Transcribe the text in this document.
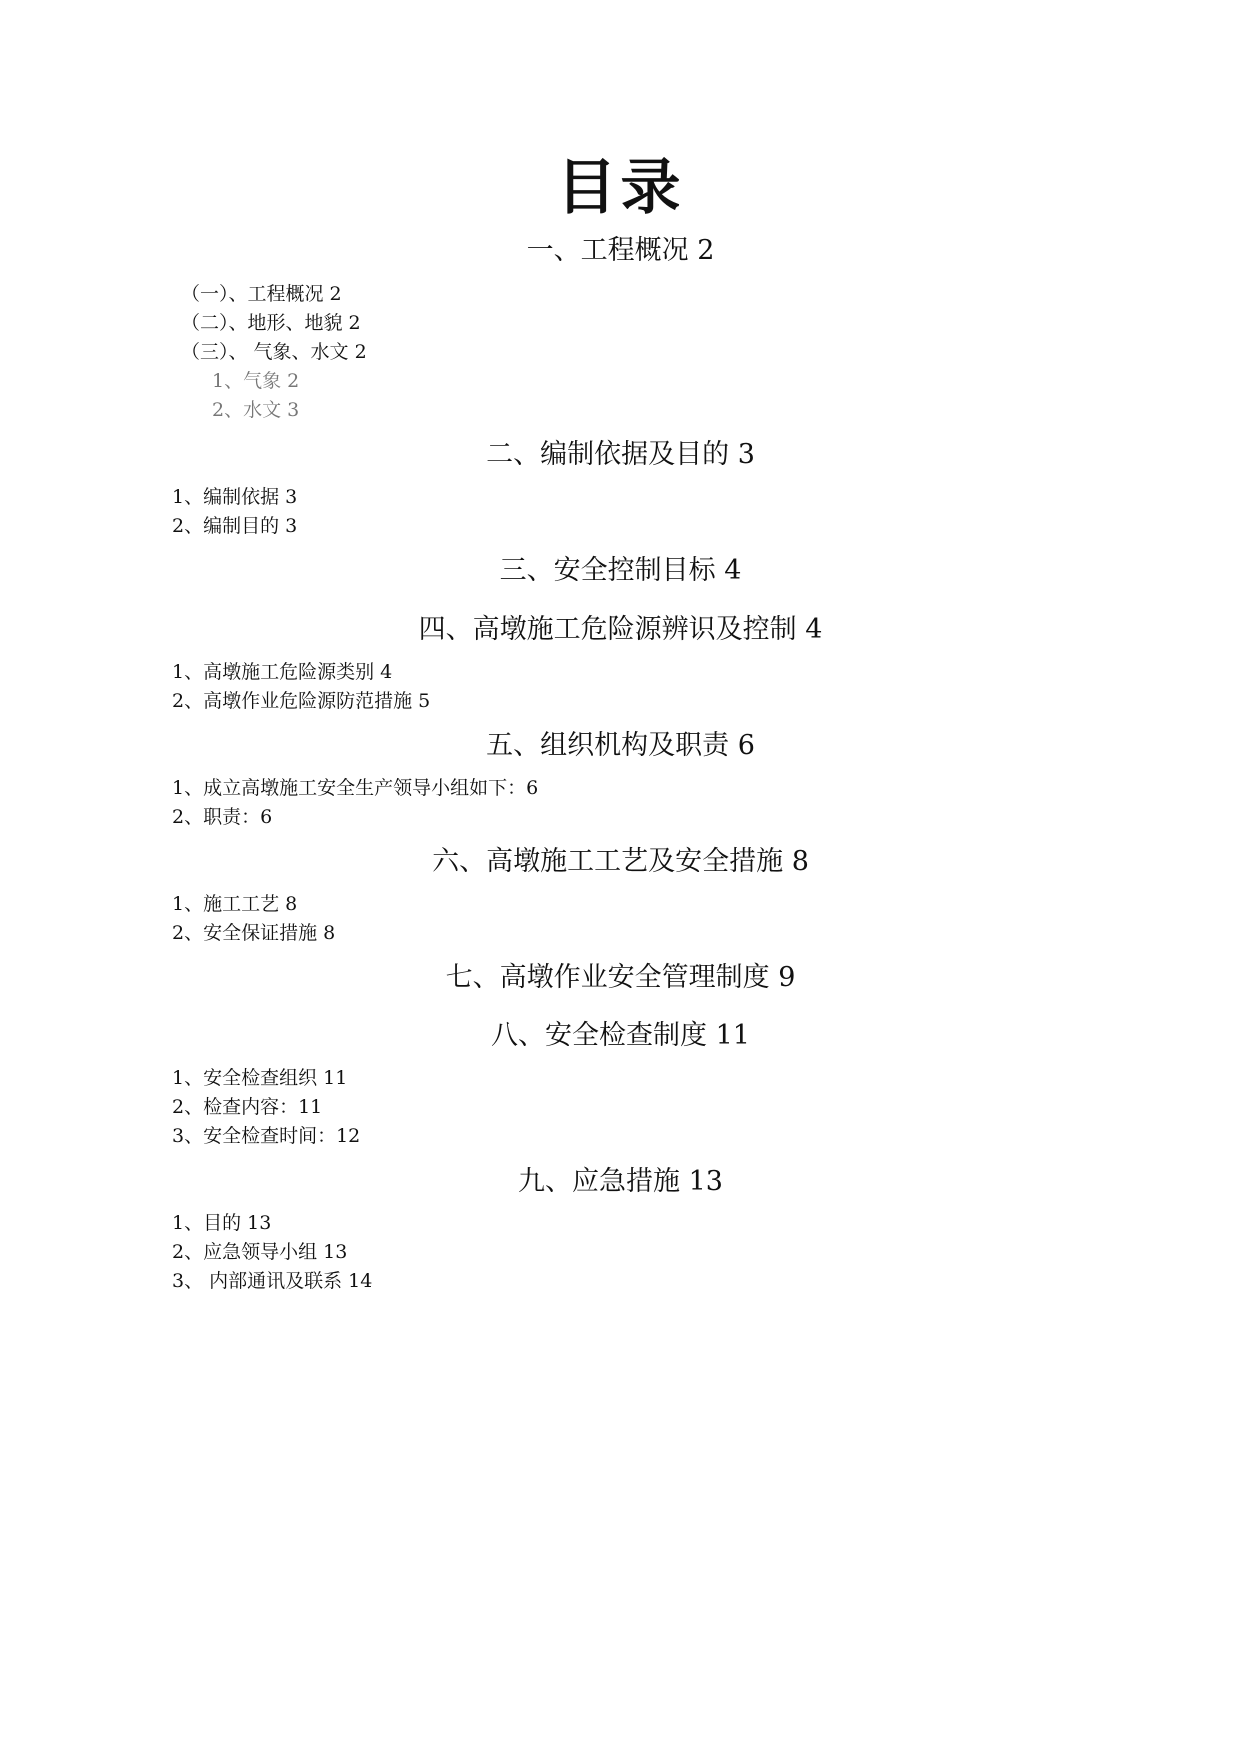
目录
一、工程概况 2
（一）、工程概况 2
（二）、地形、地貌 2
（三）、 气象、水文 2
1、气象 2
2、水文 3
二、编制依据及目的 3
1、编制依据 3
2、编制目的 3
三、安全控制目标 4
四、高墩施工危险源辨识及控制 4
1、高墩施工危险源类别 4
2、高墩作业危险源防范措施 5
五、组织机构及职责 6
1、成立高墩施工安全生产领导小组如下：6
2、职责：6
六、高墩施工工艺及安全措施 8
1、施工工艺 8
2、安全保证措施 8
七、高墩作业安全管理制度 9
八、安全检查制度 11
1、安全检查组织 11
2、检查内容：11
3、安全检查时间：12
九、应急措施 13
1、目的 13
2、应急领导小组 13
3、 内部通讯及联系 14
